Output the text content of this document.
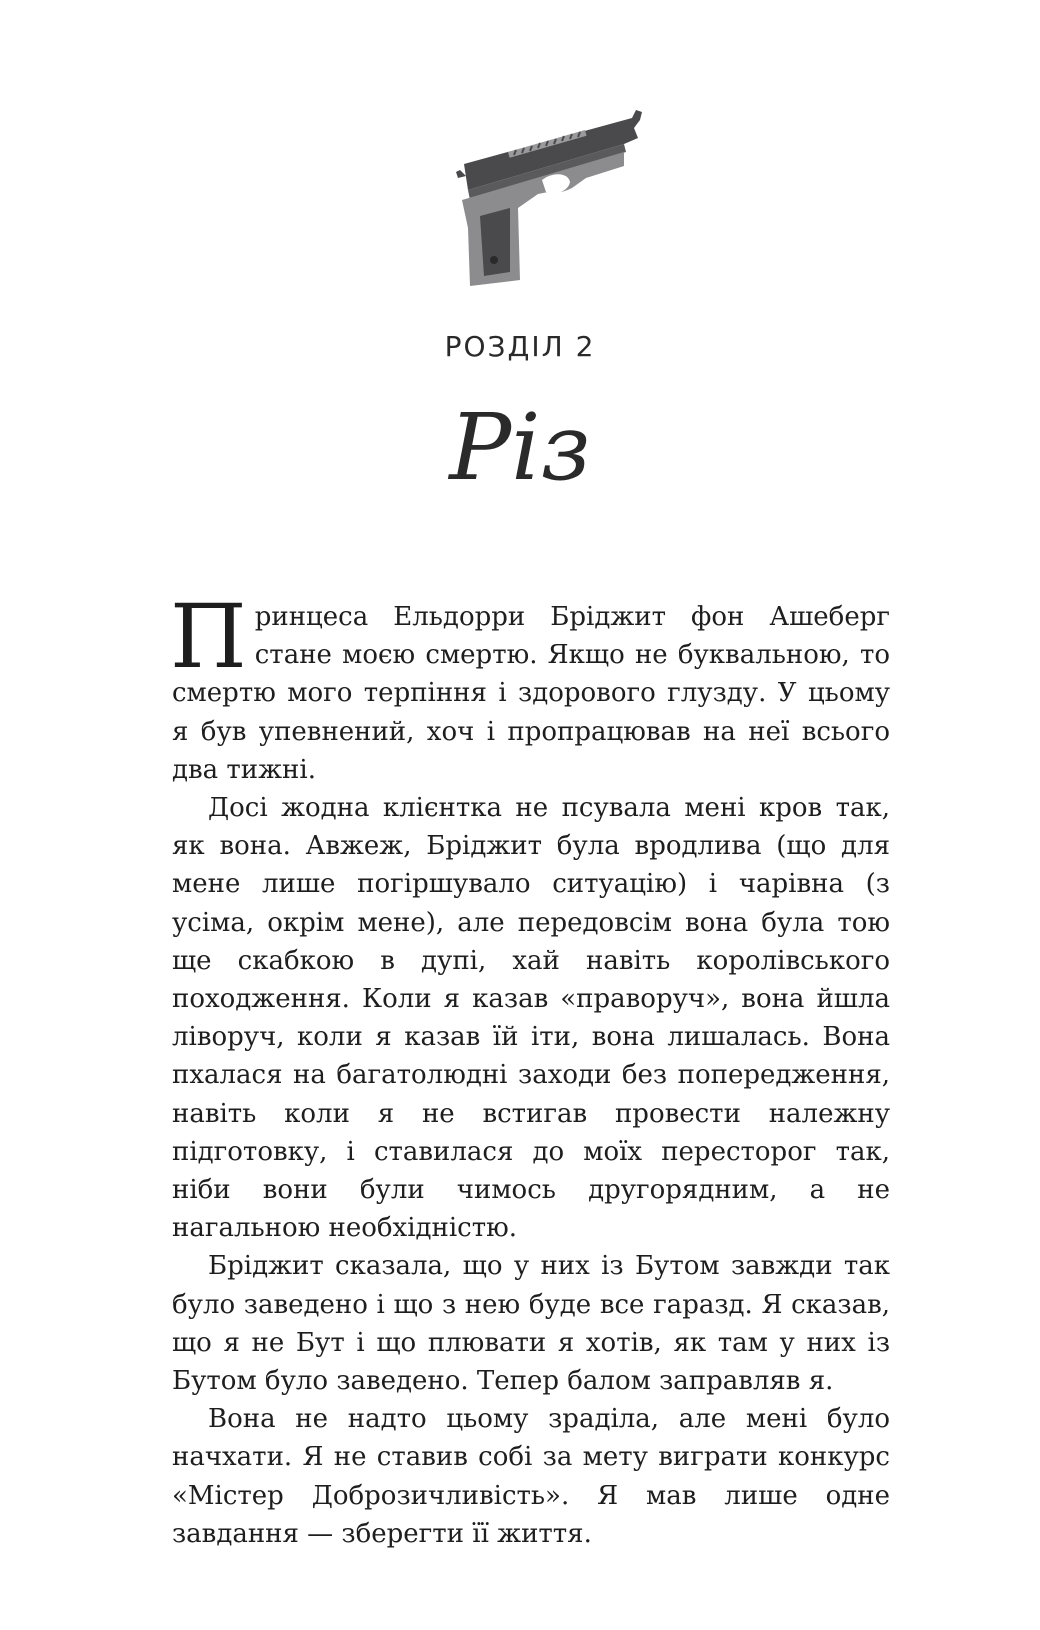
РОЗДІЛ 2
Різ

Принцеса Ельдорри Бріджит фон Ашеберг стане моєю смертю. Якщо не буквальною, то смертю мого терпіння і здорового глузду. У цьому я був упевнений, хоч і пропрацював на неї всього два тижні.

Досі жодна клієнтка не псувала мені кров так, як вона. Авжеж, Бріджит була вродлива (що для мене лише погіршувало ситуацію) і чарівна (з усіма, окрім мене), але передовсім вона була тою ще скабкою в дупі, хай навіть королівського походження. Коли я казав «праворуч», вона йшла ліворуч, коли я казав їй іти, вона лишалась. Вона пхалася на багатолюдні заходи без попередження, навіть коли я не встигав провести належну підготовку, і ставилася до моїх пересторог так, ніби вони були чимось другорядним, а не нагальною необхідністю.

Бріджит сказала, що у них із Бутом завжди так було заведено і що з нею буде все гаразд. Я сказав, що я не Бут і що плювати я хотів, як там у них із Бутом було заведено. Тепер балом заправляв я.

Вона не надто цьому зраділа, але мені було начхати. Я не ставив собі за мету виграти конкурс «Містер Доброзичливість». Я мав лише одне завдання — зберегти її життя.
